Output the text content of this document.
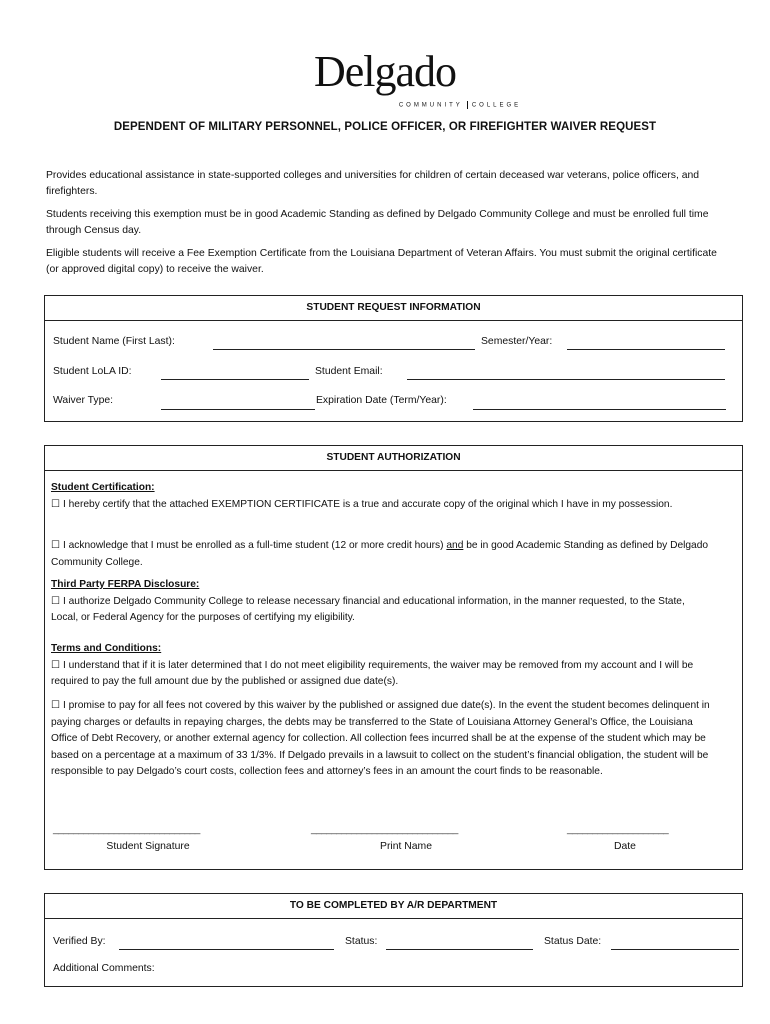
Delgado
COMMUNITY COLLEGE
DEPENDENT OF MILITARY PERSONNEL, POLICE OFFICER, OR FIREFIGHTER WAIVER REQUEST
Provides educational assistance in state-supported colleges and universities for children of certain deceased war veterans, police officers, and firefighters.
Students receiving this exemption must be in good Academic Standing as defined by Delgado Community College and must be enrolled full time through Census day.
Eligible students will receive a Fee Exemption Certificate from the Louisiana Department of Veteran Affairs. You must submit the original certificate (or approved digital copy) to receive the waiver.
STUDENT REQUEST INFORMATION
Student Name (First Last):	Semester/Year:
Student LoLA ID:	Student Email:
Waiver Type:	Expiration Date (Term/Year):
STUDENT AUTHORIZATION
Student Certification:
☐ I hereby certify that the attached EXEMPTION CERTIFICATE is a true and accurate copy of the original which I have in my possession.
☐ I acknowledge that I must be enrolled as a full-time student (12 or more credit hours) and be in good Academic Standing as defined by Delgado Community College.
Third Party FERPA Disclosure:
☐ I authorize Delgado Community College to release necessary financial and educational information, in the manner requested, to the State, Local, or Federal Agency for the purposes of certifying my eligibility.
Terms and Conditions:
☐ I understand that if it is later determined that I do not meet eligibility requirements, the waiver may be removed from my account and I will be required to pay the full amount due by the published or assigned due date(s).
☐ I promise to pay for all fees not covered by this waiver by the published or assigned due date(s). In the event the student becomes delinquent in paying charges or defaults in repaying charges, the debts may be transferred to the State of Louisiana Attorney General’s Office, the Louisiana Office of Debt Recovery, or another external agency for collection. All collection fees incurred shall be at the expense of the student which may be based on a percentage at a maximum of 33 1/3%. If Delgado prevails in a lawsuit to collect on the student’s financial obligation, the student will be responsible to pay Delgado’s court costs, collection fees and attorney’s fees in an amount the court finds to be reasonable.
_____________________________	_____________________________	____________________
Student Signature	Print Name	Date
TO BE COMPLETED BY A/R DEPARTMENT
Verified By:	Status:	Status Date:
Additional Comments:
